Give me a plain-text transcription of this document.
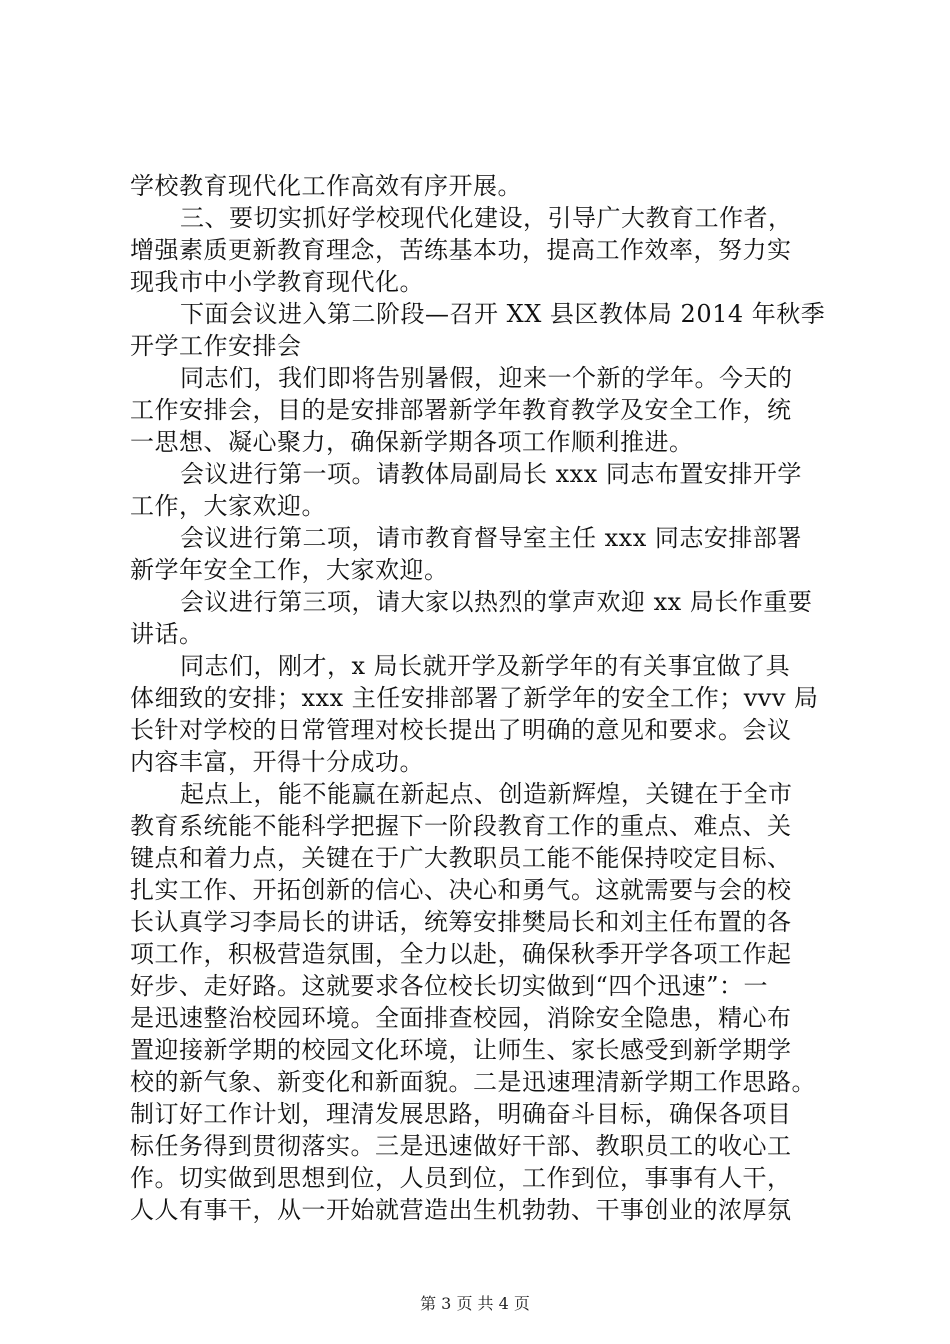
学校教育现代化工作高效有序开展。
三、要切实抓好学校现代化建设，引导广大教育工作者，
增强素质更新教育理念，苦练基本功，提高工作效率，努力实
现我市中小学教育现代化。
下面会议进入第二阶段—召开 XX 县区教体局 2014 年秋季
开学工作安排会
同志们，我们即将告别暑假，迎来一个新的学年。今天的
工作安排会，目的是安排部署新学年教育教学及安全工作，统
一思想、凝心聚力，确保新学期各项工作顺利推进。
会议进行第一项。请教体局副局长 xxx 同志布置安排开学
工作，大家欢迎。
会议进行第二项，请市教育督导室主任 xxx 同志安排部署
新学年安全工作，大家欢迎。
会议进行第三项，请大家以热烈的掌声欢迎 xx 局长作重要
讲话。
同志们，刚才，x 局长就开学及新学年的有关事宜做了具
体细致的安排；xxx 主任安排部署了新学年的安全工作；vvv 局
长针对学校的日常管理对校长提出了明确的意见和要求。会议
内容丰富，开得十分成功。
起点上，能不能赢在新起点、创造新辉煌，关键在于全市
教育系统能不能科学把握下一阶段教育工作的重点、难点、关
键点和着力点，关键在于广大教职员工能不能保持咬定目标、
扎实工作、开拓创新的信心、决心和勇气。这就需要与会的校
长认真学习李局长的讲话，统筹安排樊局长和刘主任布置的各
项工作，积极营造氛围，全力以赴，确保秋季开学各项工作起
好步、走好路。这就要求各位校长切实做到“四个迅速”：一
是迅速整治校园环境。全面排查校园，消除安全隐患，精心布
置迎接新学期的校园文化环境，让师生、家长感受到新学期学
校的新气象、新变化和新面貌。二是迅速理清新学期工作思路。
制订好工作计划，理清发展思路，明确奋斗目标，确保各项目
标任务得到贯彻落实。三是迅速做好干部、教职员工的收心工
作。切实做到思想到位，人员到位，工作到位，事事有人干，
人人有事干，从一开始就营造出生机勃勃、干事创业的浓厚氛
第 3 页 共 4 页
